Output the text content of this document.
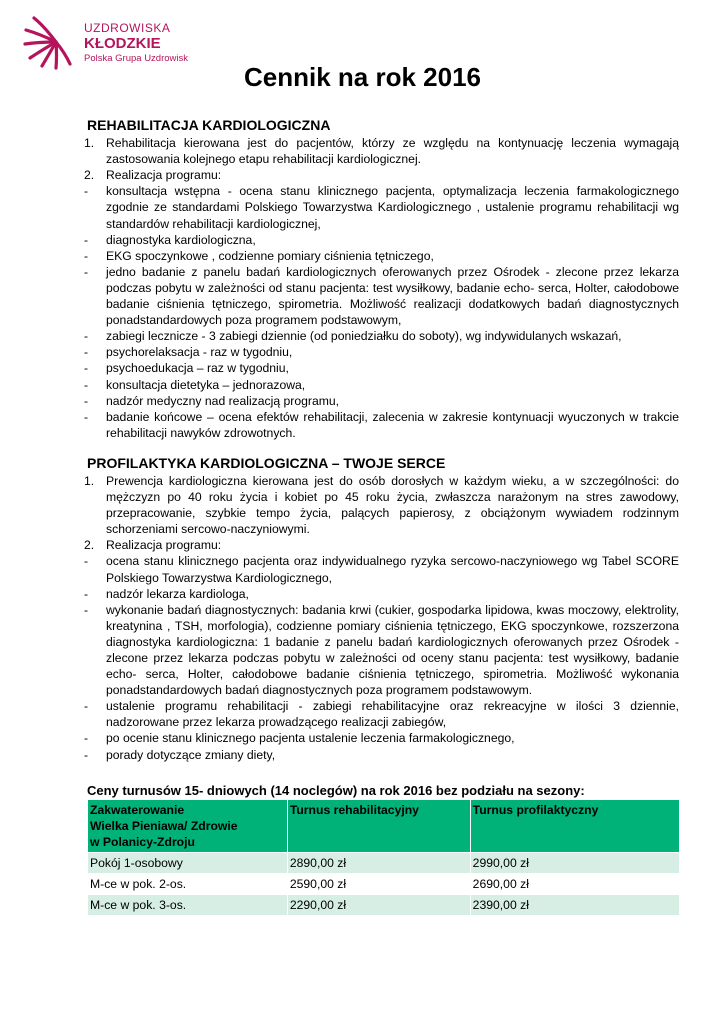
UZDROWISKA
KŁODZKIE
Polska Grupa Uzdrowisk
Cennik na rok 2016
REHABILITACJA KARDIOLOGICZNA
1. Rehabilitacja kierowana jest do pacjentów, którzy ze względu na kontynuację leczenia wymagają zastosowania kolejnego etapu rehabilitacji kardiologicznej.
2. Realizacja programu:
-	konsultacja wstępna - ocena stanu klinicznego pacjenta, optymalizacja leczenia farmakologicznego zgodnie ze standardami Polskiego Towarzystwa Kardiologicznego , ustalenie programu rehabilitacji wg standardów rehabilitacji kardiologicznej,
-	diagnostyka kardiologiczna,
-	EKG spoczynkowe , codzienne pomiary ciśnienia tętniczego,
-	jedno badanie z panelu badań kardiologicznych oferowanych przez Ośrodek - zlecone przez lekarza podczas pobytu w zależności od stanu pacjenta: test wysiłkowy, badanie echo- serca, Holter, całodobowe badanie ciśnienia tętniczego, spirometria. Możliwość realizacji dodatkowych badań diagnostycznych ponadstandardowych poza programem podstawowym,
-	zabiegi lecznicze - 3 zabiegi dziennie (od poniedziałku do soboty), wg indywidulanych wskazań,
-	psychorelaksacja - raz w tygodniu,
-	psychoedukacja – raz w tygodniu,
-	konsultacja dietetyka – jednorazowa,
-	nadzór medyczny nad realizacją programu,
-	badanie końcowe – ocena efektów rehabilitacji, zalecenia w zakresie kontynuacji wyuczonych w trakcie rehabilitacji nawyków zdrowotnych.
PROFILAKTYKA KARDIOLOGICZNA – TWOJE SERCE
1. Prewencja kardiologiczna kierowana jest do osób dorosłych w każdym wieku, a w szczególności: do mężczyzn po 40 roku życia i kobiet po 45 roku życia, zwłaszcza narażonym na stres zawodowy, przepracowanie, szybkie tempo życia, palących papierosy, z obciążonym wywiadem rodzinnym schorzeniami sercowo-naczyniowymi.
2. Realizacja programu:
-	ocena stanu klinicznego pacjenta oraz indywidualnego ryzyka sercowo-naczyniowego wg Tabel SCORE Polskiego Towarzystwa Kardiologicznego,
-	nadzór lekarza kardiologa,
-	wykonanie badań diagnostycznych: badania krwi (cukier, gospodarka lipidowa, kwas moczowy, elektrolity, kreatynina , TSH, morfologia), codzienne pomiary ciśnienia tętniczego, EKG spoczynkowe, rozszerzona diagnostyka kardiologiczna: 1 badanie z panelu badań kardiologicznych oferowanych przez Ośrodek - zlecone przez lekarza podczas pobytu w zależności od oceny stanu pacjenta: test wysiłkowy, badanie echo- serca, Holter, całodobowe badanie ciśnienia tętniczego, spirometria. Możliwość wykonania ponadstandardowych badań diagnostycznych poza programem podstawowym.
-	ustalenie programu rehabilitacji - zabiegi rehabilitacyjne oraz rekreacyjne w ilości 3 dziennie, nadzorowane przez lekarza prowadzącego realizacji zabiegów,
-	po ocenie stanu klinicznego pacjenta ustalenie leczenia farmakologicznego,
-	porady dotyczące zmiany diety,
Ceny turnusów 15- dniowych (14 noclegów) na rok 2016 bez podziału na sezony:
Zakwaterowanie
Wielka Pieniawa/ Zdrowie
w Polanicy-Zdroju	Turnus rehabilitacyjny	Turnus profilaktyczny
Pokój 1-osobowy	2890,00 zł	2990,00 zł
M-ce w pok. 2-os.	2590,00 zł	2690,00 zł
M-ce w pok. 3-os.	2290,00 zł	2390,00 zł
